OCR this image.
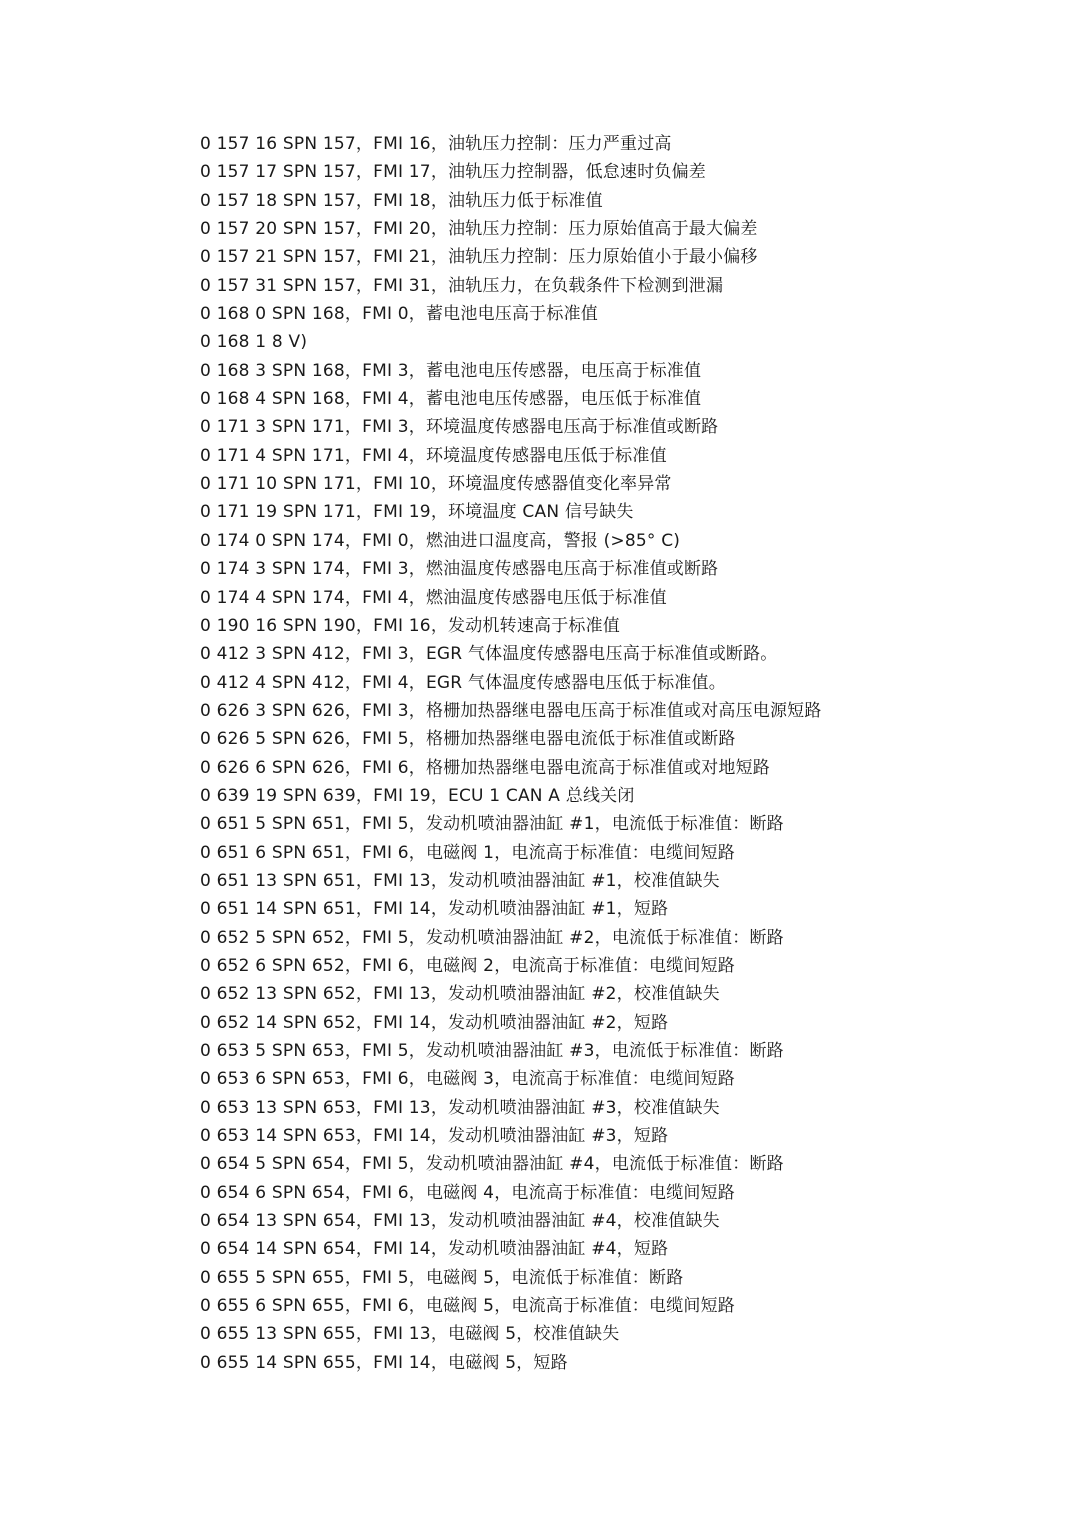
0 157 16 SPN 157，FMI 16，油轨压力控制：压力严重过高
0 157 17 SPN 157，FMI 17，油轨压力控制器，低怠速时负偏差
0 157 18 SPN 157，FMI 18，油轨压力低于标准值
0 157 20 SPN 157，FMI 20，油轨压力控制：压力原始值高于最大偏差
0 157 21 SPN 157，FMI 21，油轨压力控制：压力原始值小于最小偏移
0 157 31 SPN 157，FMI 31，油轨压力，在负载条件下检测到泄漏
0 168 0 SPN 168，FMI 0，蓄电池电压高于标准值
0 168 1 8 V)
0 168 3 SPN 168，FMI 3，蓄电池电压传感器，电压高于标准值
0 168 4 SPN 168，FMI 4，蓄电池电压传感器，电压低于标准值
0 171 3 SPN 171，FMI 3，环境温度传感器电压高于标准值或断路
0 171 4 SPN 171，FMI 4，环境温度传感器电压低于标准值
0 171 10 SPN 171，FMI 10，环境温度传感器值变化率异常
0 171 19 SPN 171，FMI 19，环境温度 CAN 信号缺失
0 174 0 SPN 174，FMI 0，燃油进口温度高，警报 (>85° C)
0 174 3 SPN 174，FMI 3，燃油温度传感器电压高于标准值或断路
0 174 4 SPN 174，FMI 4，燃油温度传感器电压低于标准值
0 190 16 SPN 190，FMI 16，发动机转速高于标准值
0 412 3 SPN 412，FMI 3，EGR 气体温度传感器电压高于标准值或断路。
0 412 4 SPN 412，FMI 4，EGR 气体温度传感器电压低于标准值。
0 626 3 SPN 626，FMI 3，格栅加热器继电器电压高于标准值或对高压电源短路
0 626 5 SPN 626，FMI 5，格栅加热器继电器电流低于标准值或断路
0 626 6 SPN 626，FMI 6，格栅加热器继电器电流高于标准值或对地短路
0 639 19 SPN 639，FMI 19，ECU 1 CAN A 总线关闭
0 651 5 SPN 651，FMI 5，发动机喷油器油缸 #1，电流低于标准值：断路
0 651 6 SPN 651，FMI 6，电磁阀 1，电流高于标准值：电缆间短路
0 651 13 SPN 651，FMI 13，发动机喷油器油缸 #1，校准值缺失
0 651 14 SPN 651，FMI 14，发动机喷油器油缸 #1，短路
0 652 5 SPN 652，FMI 5，发动机喷油器油缸 #2，电流低于标准值：断路
0 652 6 SPN 652，FMI 6，电磁阀 2，电流高于标准值：电缆间短路
0 652 13 SPN 652，FMI 13，发动机喷油器油缸 #2，校准值缺失
0 652 14 SPN 652，FMI 14，发动机喷油器油缸 #2，短路
0 653 5 SPN 653，FMI 5，发动机喷油器油缸 #3，电流低于标准值：断路
0 653 6 SPN 653，FMI 6，电磁阀 3，电流高于标准值：电缆间短路
0 653 13 SPN 653，FMI 13，发动机喷油器油缸 #3，校准值缺失
0 653 14 SPN 653，FMI 14，发动机喷油器油缸 #3，短路
0 654 5 SPN 654，FMI 5，发动机喷油器油缸 #4，电流低于标准值：断路
0 654 6 SPN 654，FMI 6，电磁阀 4，电流高于标准值：电缆间短路
0 654 13 SPN 654，FMI 13，发动机喷油器油缸 #4，校准值缺失
0 654 14 SPN 654，FMI 14，发动机喷油器油缸 #4，短路
0 655 5 SPN 655，FMI 5，电磁阀 5，电流低于标准值：断路
0 655 6 SPN 655，FMI 6，电磁阀 5，电流高于标准值：电缆间短路
0 655 13 SPN 655，FMI 13，电磁阀 5，校准值缺失
0 655 14 SPN 655，FMI 14，电磁阀 5，短路
